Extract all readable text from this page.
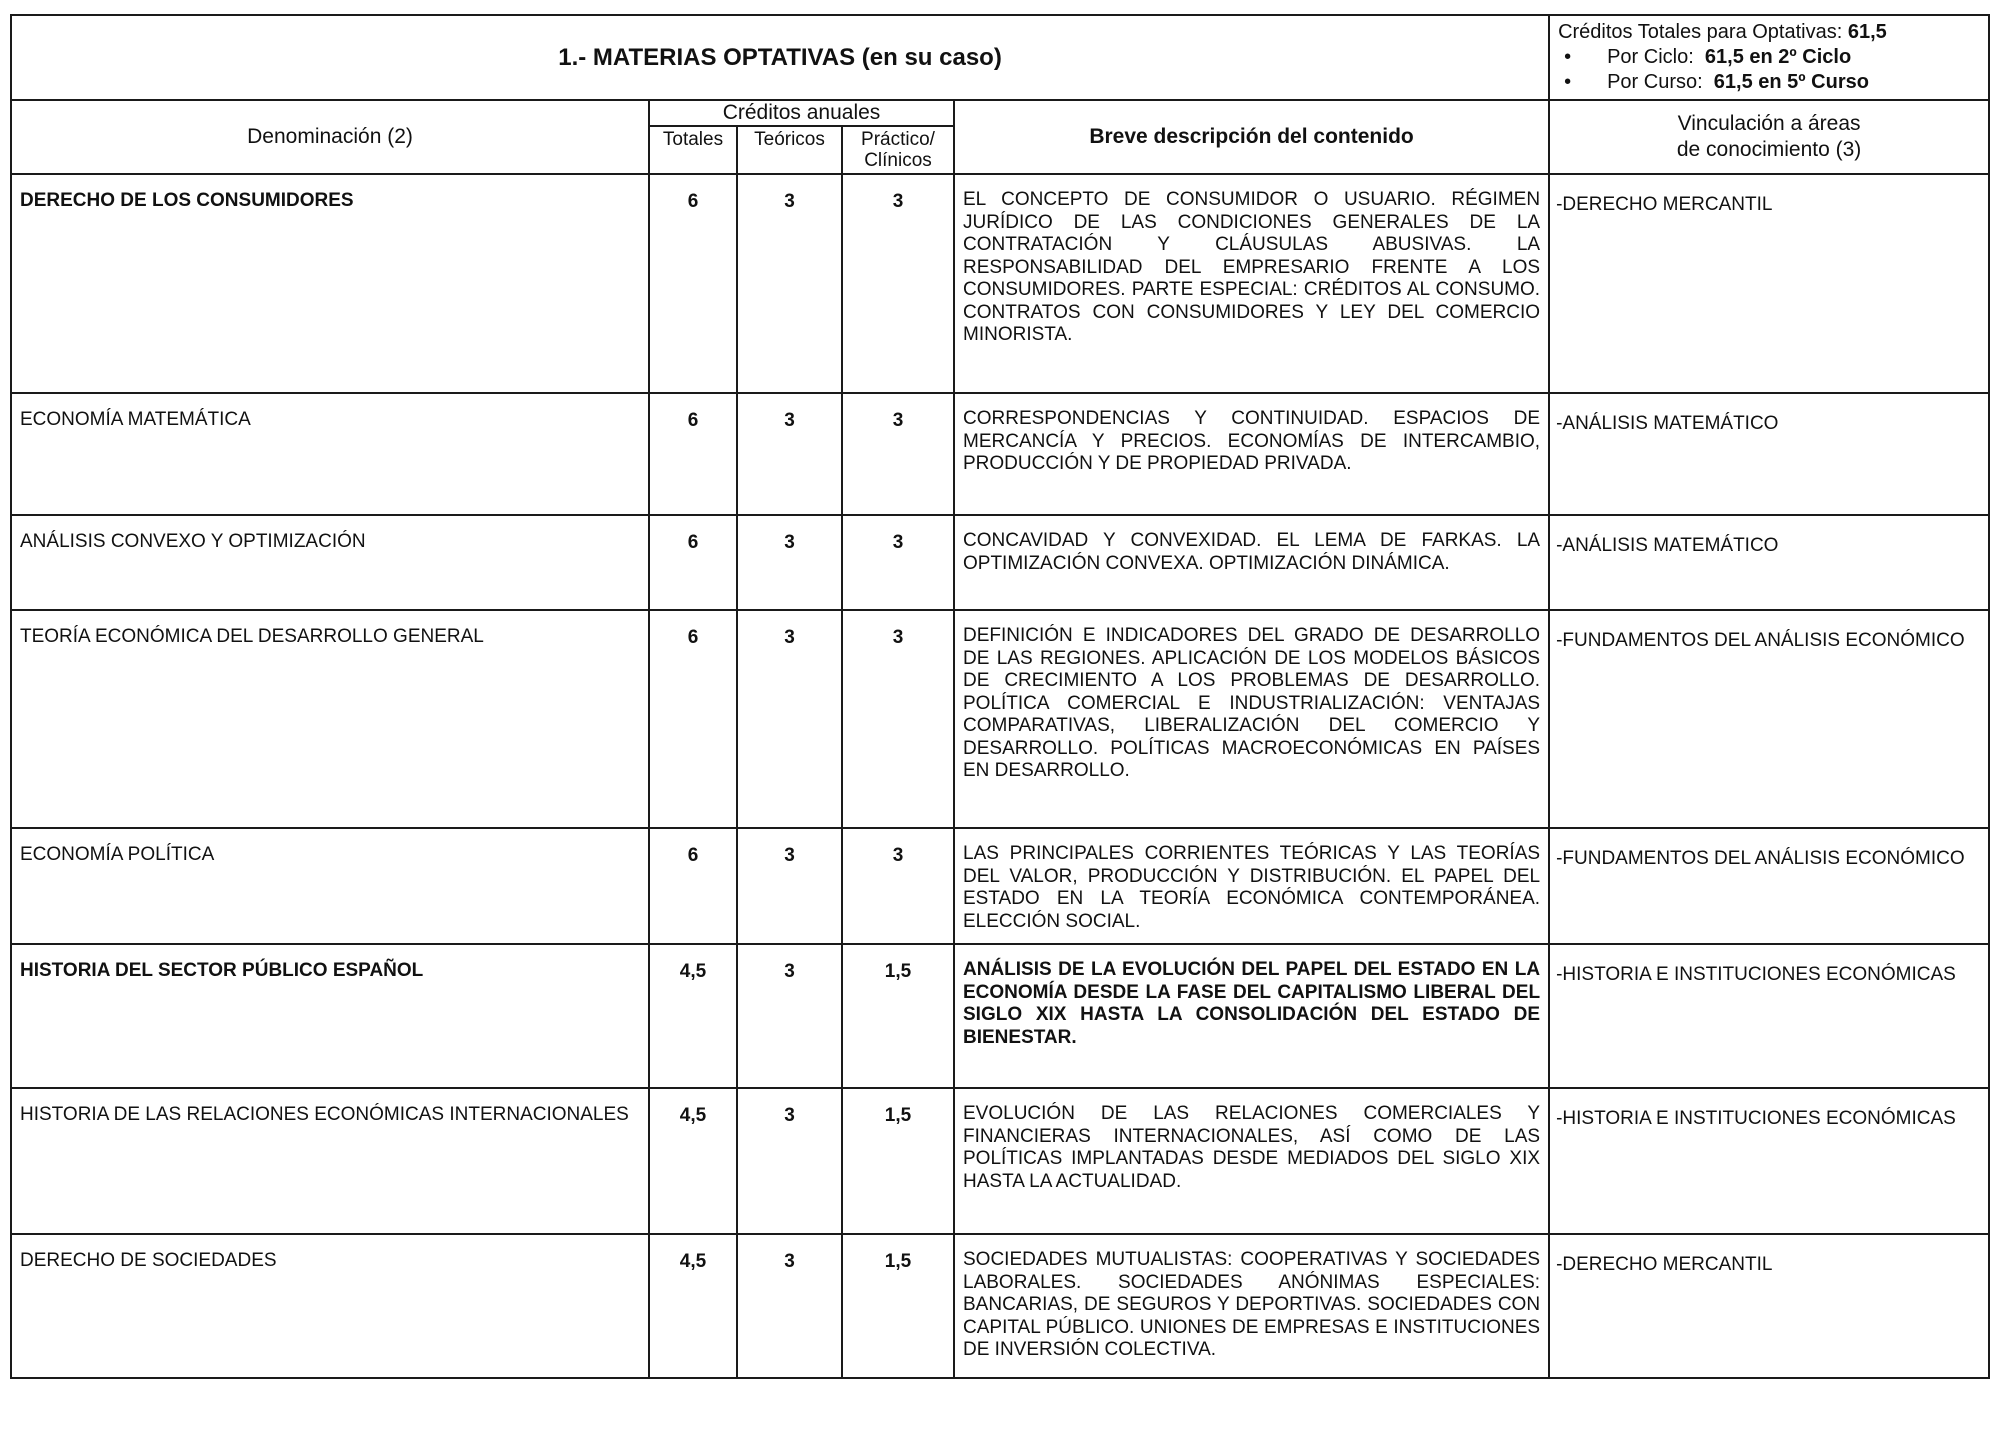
1.- MATERIAS OPTATIVAS (en su caso)					Créditos Totales para Optativas: 61,5
• Por Ciclo: 61,5 en 2º Ciclo
• Por Curso: 61,5 en 5º Curso

Denominación (2)	Créditos anuales			Breve descripción del contenido	Vinculación a áreas
de conocimiento (3)

	Totales	Teóricos	Práctico/
Clínicos		

DERECHO DE LOS CONSUMIDORES	6	3	3	EL CONCEPTO DE CONSUMIDOR O USUARIO. RÉGIMEN JURÍDICO DE LAS CONDICIONES GENERALES DE LA CONTRATACIÓN Y CLÁUSULAS ABUSIVAS. LA RESPONSABILIDAD DEL EMPRESARIO FRENTE A LOS CONSUMIDORES. PARTE ESPECIAL: CRÉDITOS AL CONSUMO. CONTRATOS CON CONSUMIDORES Y LEY DEL COMERCIO MINORISTA.	-DERECHO MERCANTIL
ECONOMÍA MATEMÁTICA	6	3	3	CORRESPONDENCIAS Y CONTINUIDAD. ESPACIOS DE MERCANCÍA Y PRECIOS. ECONOMÍAS DE INTERCAMBIO, PRODUCCIÓN Y DE PROPIEDAD PRIVADA.	-ANÁLISIS MATEMÁTICO
ANÁLISIS CONVEXO Y OPTIMIZACIÓN	6	3	3	CONCAVIDAD Y CONVEXIDAD. EL LEMA DE FARKAS. LA OPTIMIZACIÓN CONVEXA. OPTIMIZACIÓN DINÁMICA.	-ANÁLISIS MATEMÁTICO
TEORÍA ECONÓMICA DEL DESARROLLO GENERAL	6	3	3	DEFINICIÓN E INDICADORES DEL GRADO DE DESARROLLO DE LAS REGIONES. APLICACIÓN DE LOS MODELOS BÁSICOS DE CRECIMIENTO A LOS PROBLEMAS DE DESARROLLO. POLÍTICA COMERCIAL E INDUSTRIALIZACIÓN: VENTAJAS COMPARATIVAS, LIBERALIZACIÓN DEL COMERCIO Y DESARROLLO. POLÍTICAS MACROECONÓMICAS EN PAÍSES EN DESARROLLO.	-FUNDAMENTOS DEL ANÁLISIS ECONÓMICO
ECONOMÍA POLÍTICA	6	3	3	LAS PRINCIPALES CORRIENTES TEÓRICAS Y LAS TEORÍAS DEL VALOR, PRODUCCIÓN Y DISTRIBUCIÓN. EL PAPEL DEL ESTADO EN LA TEORÍA ECONÓMICA CONTEMPORÁNEA. ELECCIÓN SOCIAL.	-FUNDAMENTOS DEL ANÁLISIS ECONÓMICO
HISTORIA DEL SECTOR PÚBLICO ESPAÑOL	4,5	3	1,5	ANÁLISIS DE LA EVOLUCIÓN DEL PAPEL DEL ESTADO EN LA ECONOMÍA DESDE LA FASE DEL CAPITALISMO LIBERAL DEL SIGLO XIX HASTA LA CONSOLIDACIÓN DEL ESTADO DE BIENESTAR.	-HISTORIA E INSTITUCIONES ECONÓMICAS
HISTORIA DE LAS RELACIONES ECONÓMICAS INTERNACIONALES	4,5	3	1,5	EVOLUCIÓN DE LAS RELACIONES COMERCIALES Y FINANCIERAS INTERNACIONALES, ASÍ COMO DE LAS POLÍTICAS IMPLANTADAS DESDE MEDIADOS DEL SIGLO XIX HASTA LA ACTUALIDAD.	-HISTORIA E INSTITUCIONES ECONÓMICAS
DERECHO DE SOCIEDADES	4,5	3	1,5	SOCIEDADES MUTUALISTAS: COOPERATIVAS Y SOCIEDADES LABORALES. SOCIEDADES ANÓNIMAS ESPECIALES: BANCARIAS, DE SEGUROS Y DEPORTIVAS. SOCIEDADES CON CAPITAL PÚBLICO. UNIONES DE EMPRESAS E INSTITUCIONES DE INVERSIÓN COLECTIVA.	-DERECHO MERCANTIL
